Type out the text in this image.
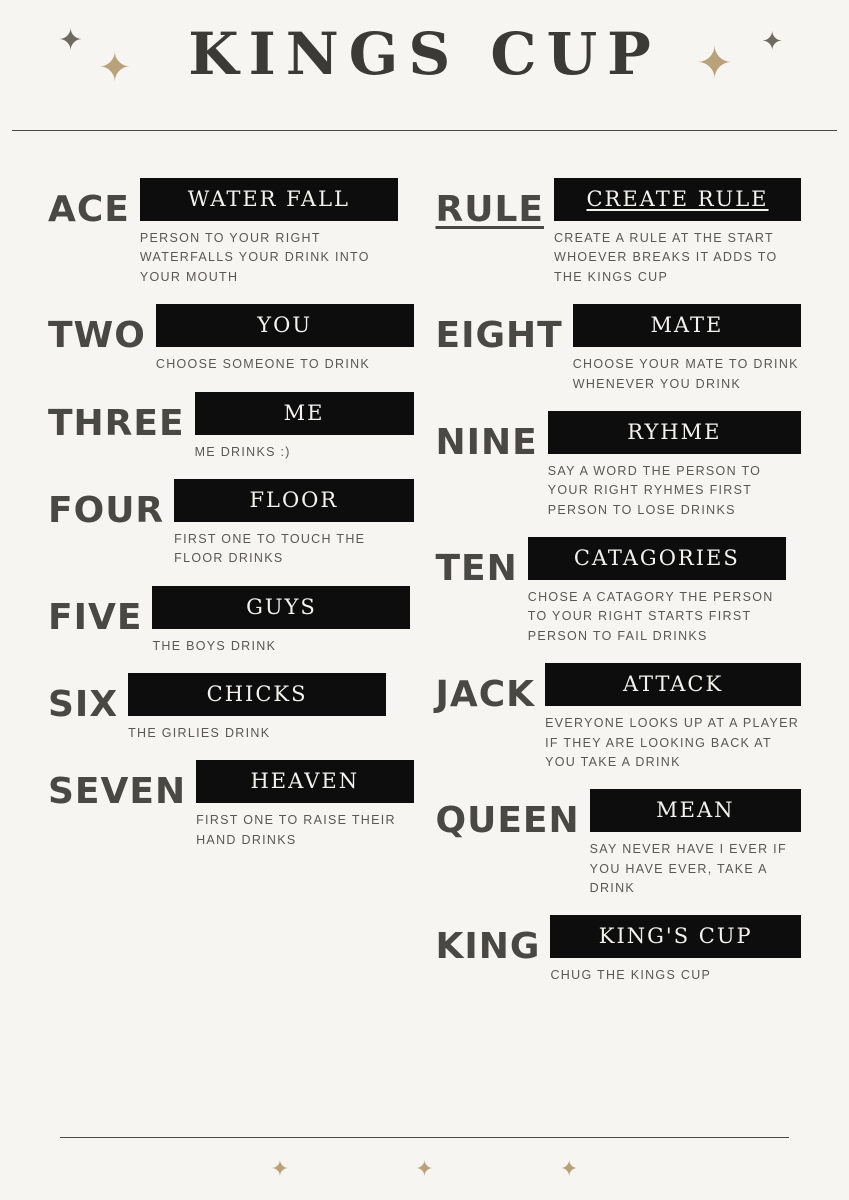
✦
✦	✦ ✦
KINGS CUP
ACE	WATER FALL
PERSON TO YOUR RIGHT WATERFALLS YOUR DRINK INTO YOUR MOUTH
TWO	YOU
CHOOSE SOMEONE TO DRINK
THREE	ME
ME DRINKS :)
FOUR	FLOOR
FIRST ONE TO TOUCH THE FLOOR DRINKS
FIVE	GUYS
THE BOYS DRINK
SIX	CHICKS
THE GIRLIES DRINK
SEVEN	HEAVEN
FIRST ONE TO RAISE THEIR HAND DRINKS
RULE	CREATE RULE
CREATE A RULE AT THE START WHOEVER BREAKS IT ADDS TO THE KINGS CUP
EIGHT	MATE
CHOOSE YOUR MATE TO DRINK WHENEVER YOU DRINK
NINE	RYHME
SAY A WORD THE PERSON TO YOUR RIGHT RYHMES FIRST PERSON TO LOSE DRINKS
TEN	CATAGORIES
CHOSE A CATAGORY THE PERSON TO YOUR RIGHT STARTS FIRST PERSON TO FAIL DRINKS
JACK	ATTACK
EVERYONE LOOKS UP AT A PLAYER IF THEY ARE LOOKING BACK AT YOU TAKE A DRINK
QUEEN	MEAN
SAY NEVER HAVE I EVER IF YOU HAVE EVER, TAKE A DRINK
KING	KING'S CUP
CHUG THE KINGS CUP
✦ ✦ ✦
